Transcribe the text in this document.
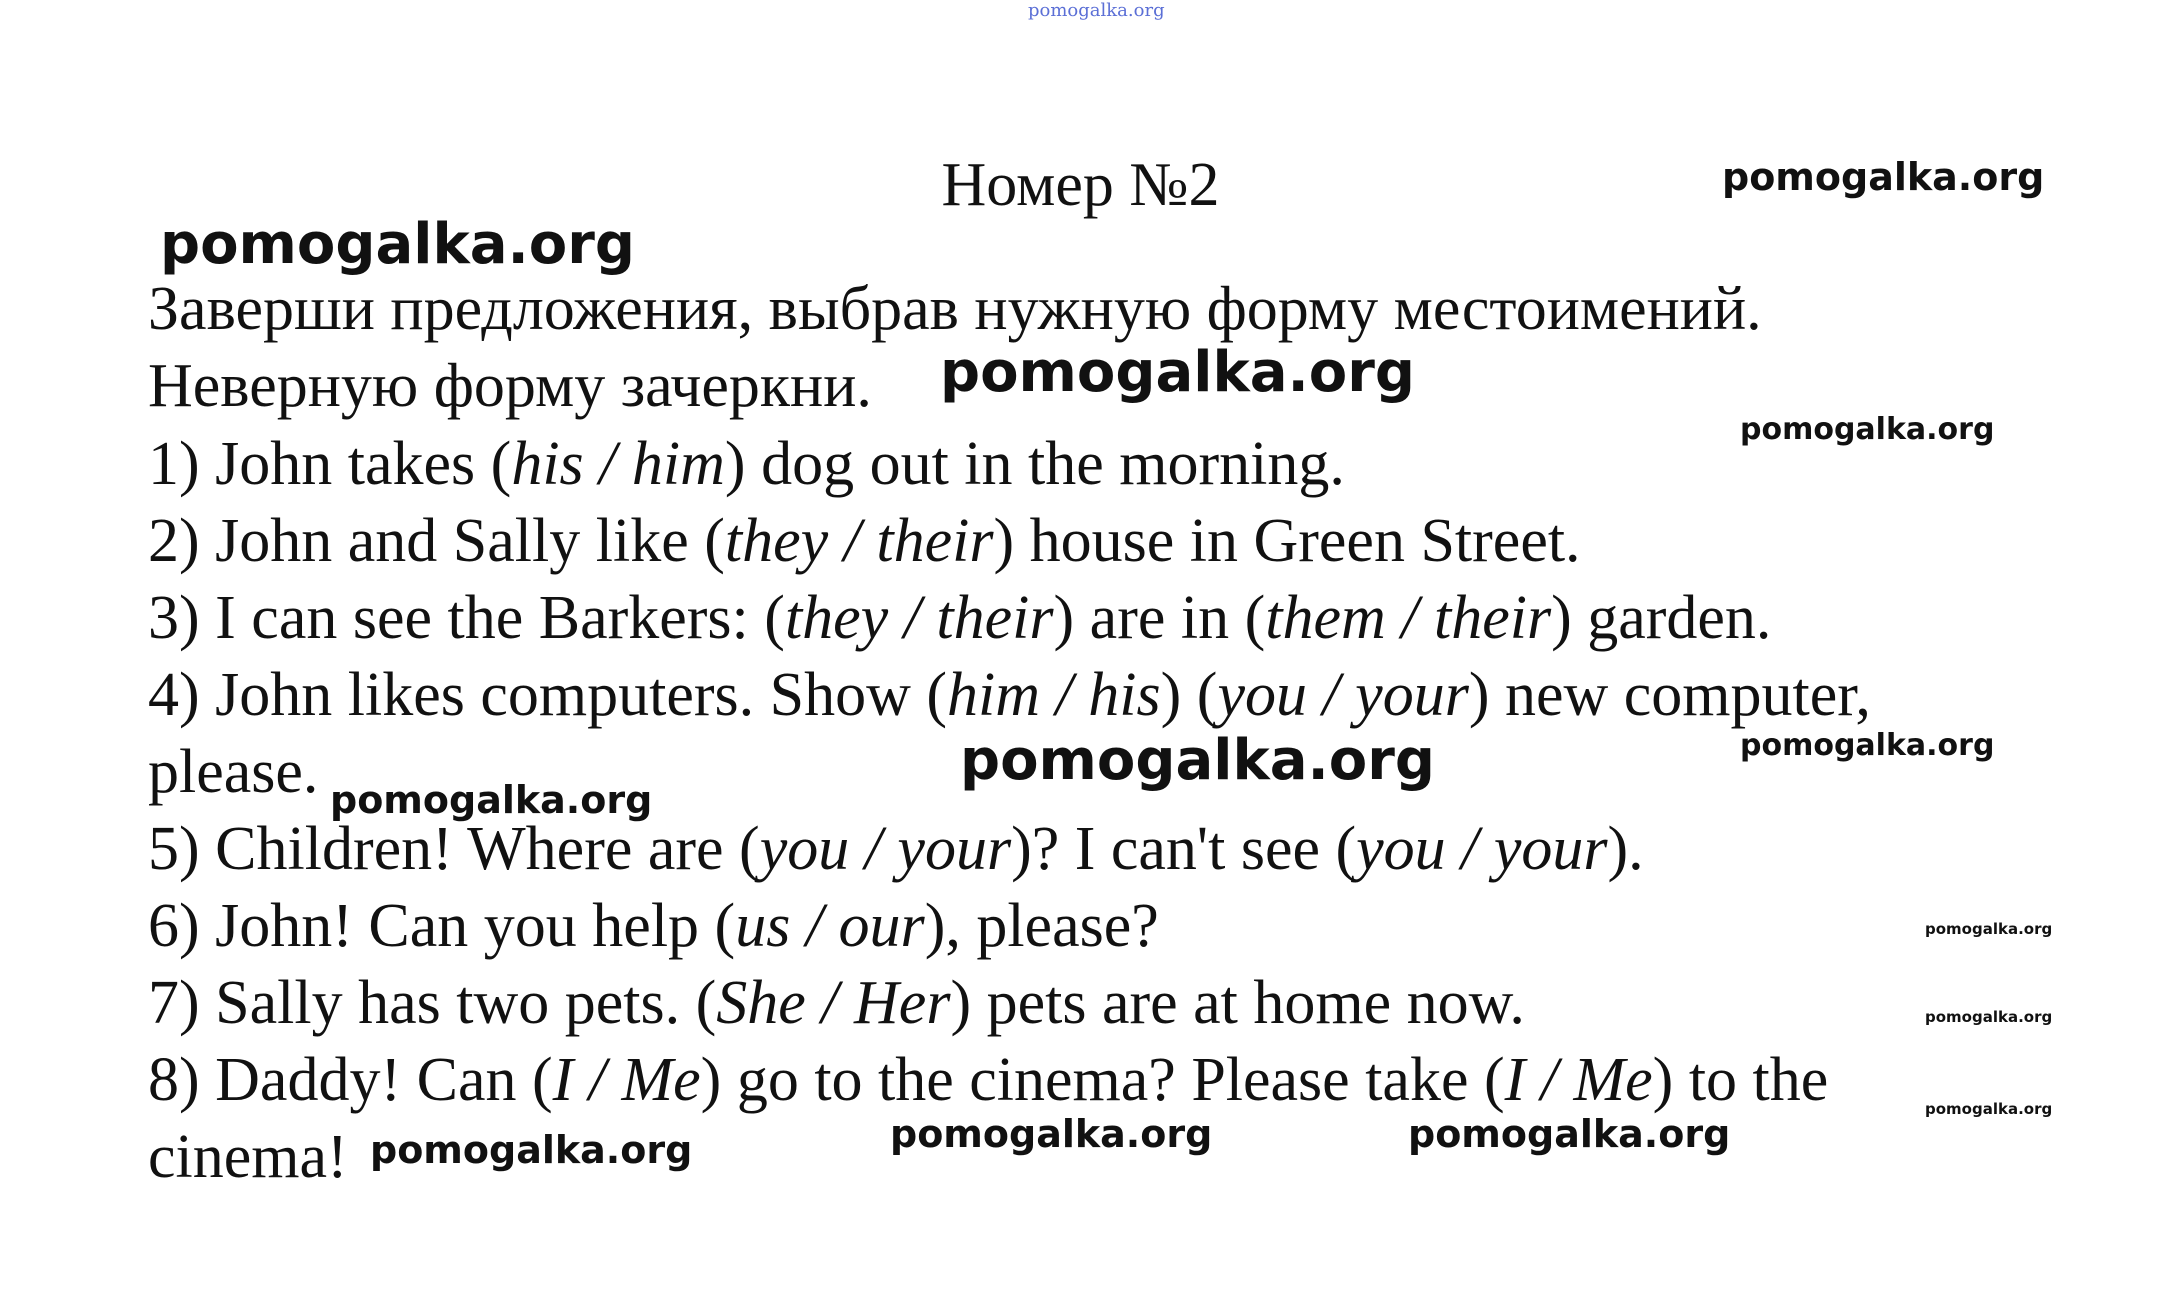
pomogalka.org
Номер №2
Заверши предложения, выбрав нужную форму местоимений.
Неверную форму зачеркни.
1) John takes (his / him) dog out in the morning.
2) John and Sally like (they / their) house in Green Street.
3) I can see the Barkers: (they / their) are in (them / their) garden.
4) John likes computers. Show (him / his) (you / your) new computer,
please.
5) Children! Where are (you / your)? I can't see (you / your).
6) John! Can you help (us / our), please?
7) Sally has two pets. (She / Her) pets are at home now.
8) Daddy! Can (I / Me) go to the cinema? Please take (I / Me) to the
cinema!
pomogalka.org
pomogalka.org
pomogalka.org
pomogalka.org
pomogalka.org	pomogalka.org
pomogalka.org
pomogalka.org
pomogalka.org
pomogalka.org
pomogalka.org	pomogalka.org
pomogalka.org
